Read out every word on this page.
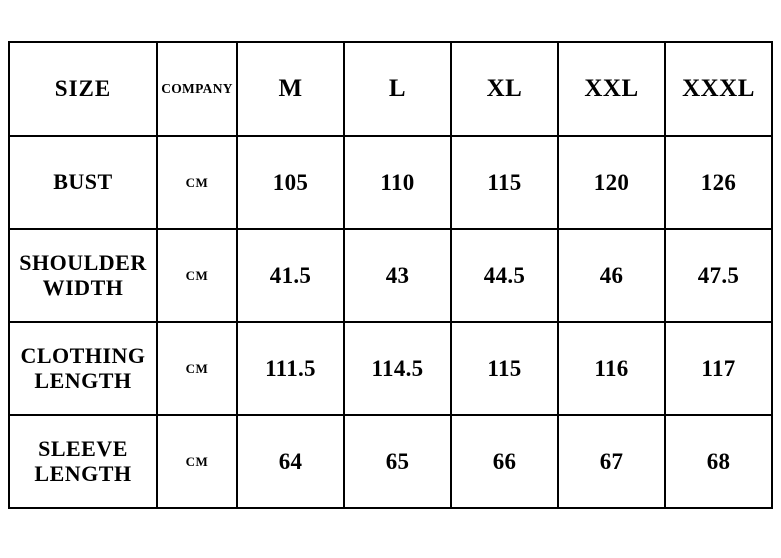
SIZE	COMPANY	M	L	XL	XXL	XXXL

BUST	CM	105	110	115	120	126

SHOULDER
WIDTH	CM	41.5	43	44.5	46	47.5

CLOTHING
LENGTH	CM	111.5	114.5	115	116	117

SLEEVE
LENGTH	CM	64	65	66	67	68
